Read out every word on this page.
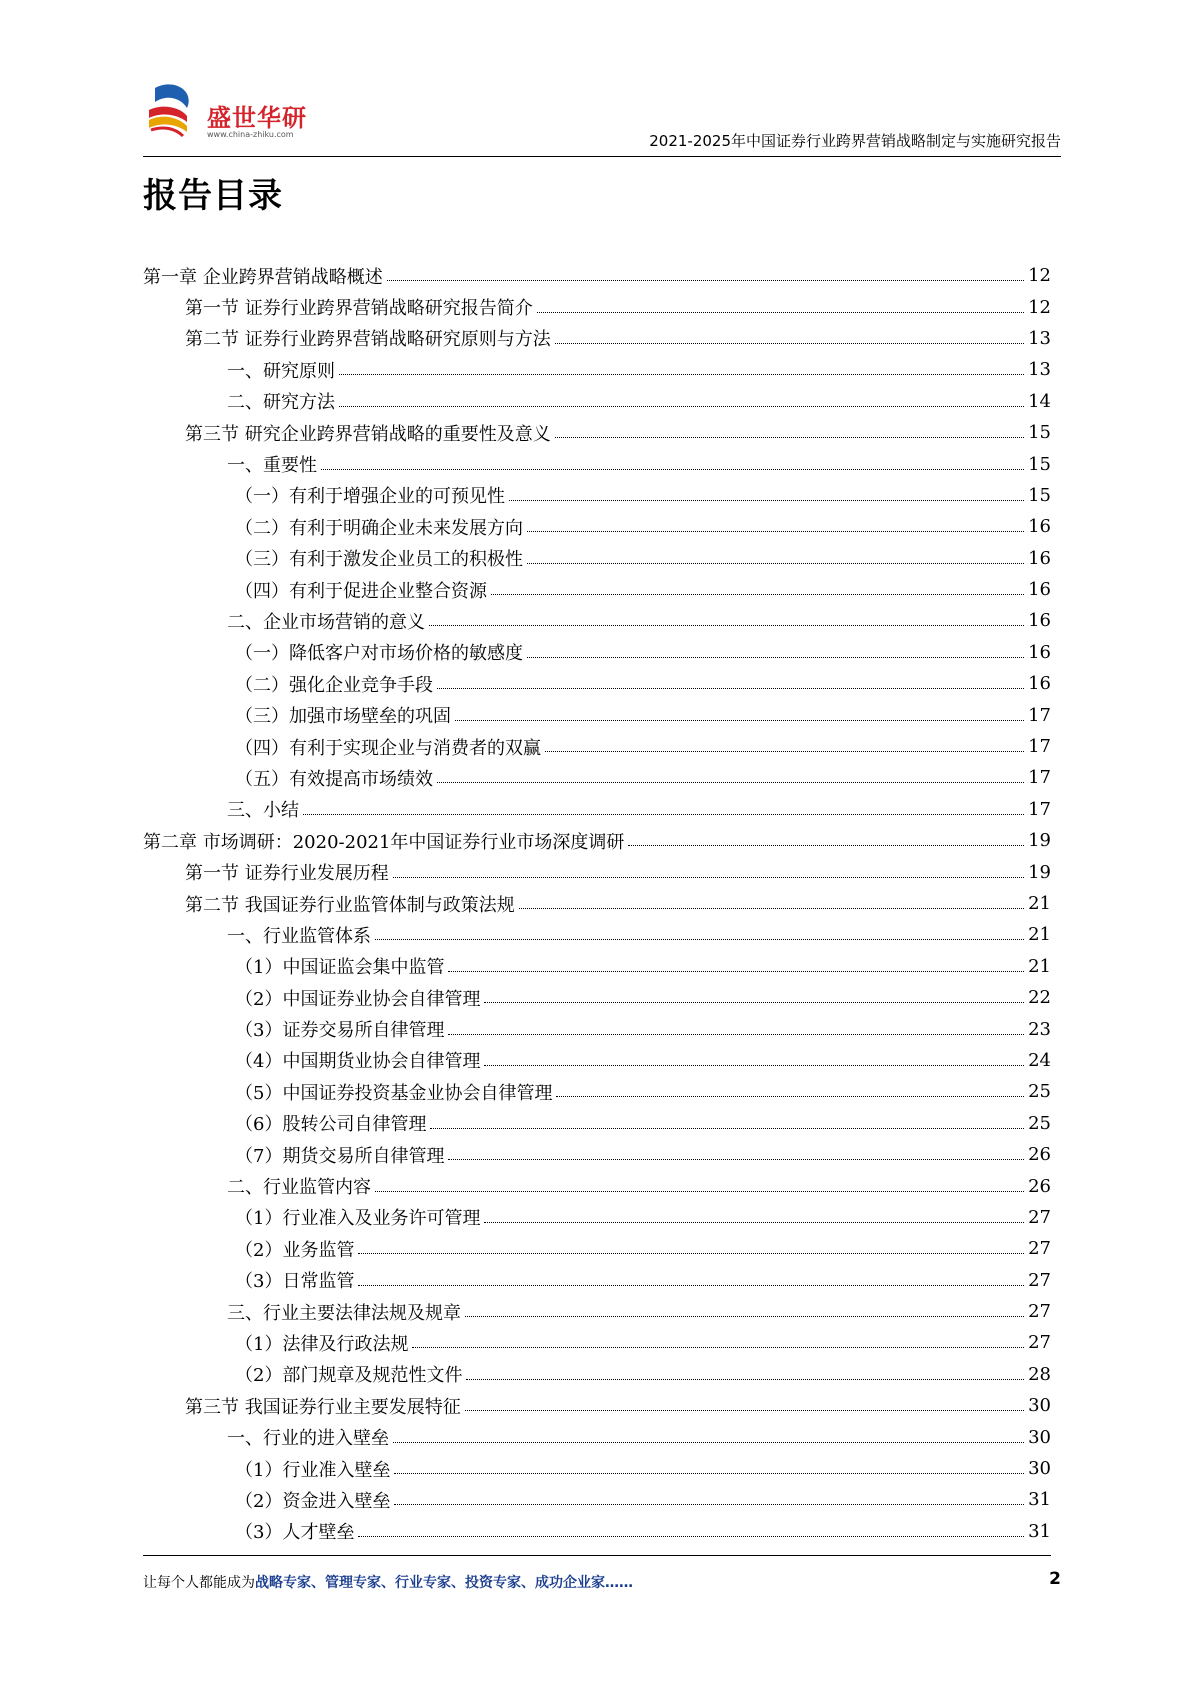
盛世华研
www.china-zhiku.com	2021-2025年中国证券行业跨界营销战略制定与实施研究报告
报告目录
第一章 企业跨界营销战略概述	12
第一节 证券行业跨界营销战略研究报告简介	12
第二节 证券行业跨界营销战略研究原则与方法	13
一、研究原则	13
二、研究方法	14
第三节 研究企业跨界营销战略的重要性及意义	15
一、重要性	15
（一）有利于增强企业的可预见性	15
（二）有利于明确企业未来发展方向	16
（三）有利于激发企业员工的积极性	16
（四）有利于促进企业整合资源	16
二、企业市场营销的意义	16
（一）降低客户对市场价格的敏感度	16
（二）强化企业竞争手段	16
（三）加强市场壁垒的巩固	17
（四）有利于实现企业与消费者的双赢	17
（五）有效提高市场绩效	17
三、小结	17
第二章 市场调研：2020-2021年中国证券行业市场深度调研	19
第一节 证券行业发展历程	19
第二节 我国证券行业监管体制与政策法规	21
一、行业监管体系	21
（1）中国证监会集中监管	21
（2）中国证券业协会自律管理	22
（3）证券交易所自律管理	23
（4）中国期货业协会自律管理	24
（5）中国证券投资基金业协会自律管理	25
（6）股转公司自律管理	25
（7）期货交易所自律管理	26
二、行业监管内容	26
（1）行业准入及业务许可管理	27
（2）业务监管	27
（3）日常监管	27
三、行业主要法律法规及规章	27
（1）法律及行政法规	27
（2）部门规章及规范性文件	28
第三节 我国证券行业主要发展特征	30
一、行业的进入壁垒	30
（1）行业准入壁垒	30
（2）资金进入壁垒	31
（3）人才壁垒	31
让每个人都能成为战略专家、管理专家、行业专家、投资专家、成功企业家……	2
